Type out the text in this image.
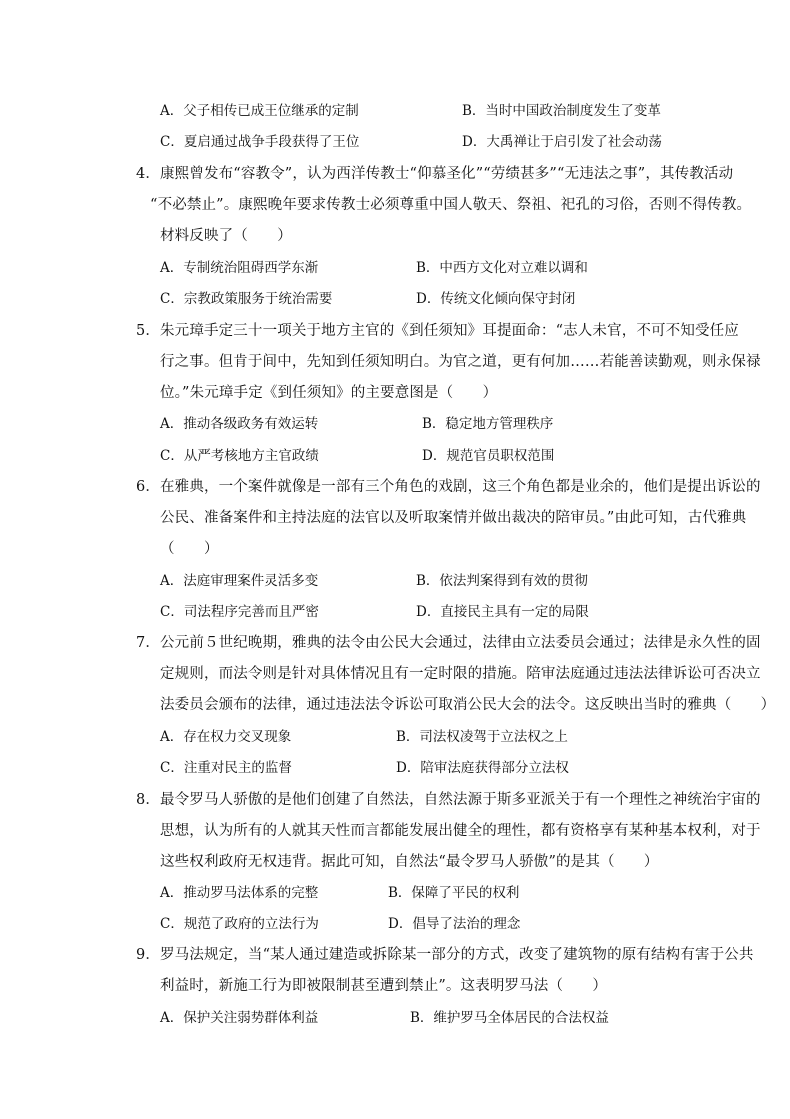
A．父子相传已成王位继承的定制	B．当时中国政治制度发生了变革
C．夏启通过战争手段获得了王位	D．大禹禅让于启引发了社会动荡
4．康熙曾发布“容教令”，认为西洋传教士“仰慕圣化”“劳绩甚多”“无违法之事”，其传教活动
“不必禁止”。康熙晚年要求传教士必须尊重中国人敬天、祭祖、祀孔的习俗，否则不得传教。
材料反映了（　　）
A．专制统治阻碍西学东渐	B．中西方文化对立难以调和
C．宗教政策服务于统治需要	D．传统文化倾向保守封闭
5．朱元璋手定三十一项关于地方主官的《到任须知》耳提面命：“志人未官，不可不知受任应
行之事。但肯于间中，先知到任须知明白。为官之道，更有何加……若能善读勤观，则永保禄
位。”朱元璋手定《到任须知》的主要意图是（　　）
A．推动各级政务有效运转	B．稳定地方管理秩序
C．从严考核地方主官政绩	D．规范官员职权范围
6．在雅典，一个案件就像是一部有三个角色的戏剧，这三个角色都是业余的，他们是提出诉讼的
公民、准备案件和主持法庭的法官以及听取案情并做出裁决的陪审员。”由此可知，古代雅典
（　　）
A．法庭审理案件灵活多变	B．依法判案得到有效的贯彻
C．司法程序完善而且严密	D．直接民主具有一定的局限
7．公元前５世纪晚期，雅典的法令由公民大会通过，法律由立法委员会通过；法律是永久性的固
定规则，而法令则是针对具体情况且有一定时限的措施。陪审法庭通过违法法律诉讼可否决立
法委员会颁布的法律，通过违法法令诉讼可取消公民大会的法令。这反映出当时的雅典（　　）
A．存在权力交叉现象	B．司法权凌驾于立法权之上
C．注重对民主的监督	D．陪审法庭获得部分立法权
8．最令罗马人骄傲的是他们创建了自然法，自然法源于斯多亚派关于有一个理性之神统治宇宙的
思想，认为所有的人就其天性而言都能发展出健全的理性，都有资格享有某种基本权利，对于
这些权利政府无权违背。据此可知，自然法“最令罗马人骄傲”的是其（　　）
A．推动罗马法体系的完整	B．保障了平民的权利
C．规范了政府的立法行为	D．倡导了法治的理念
9．罗马法规定，当“某人通过建造或拆除某一部分的方式，改变了建筑物的原有结构有害于公共
利益时，新施工行为即被限制甚至遭到禁止”。这表明罗马法（　　）
A．保护关注弱势群体利益	B．维护罗马全体居民的合法权益
